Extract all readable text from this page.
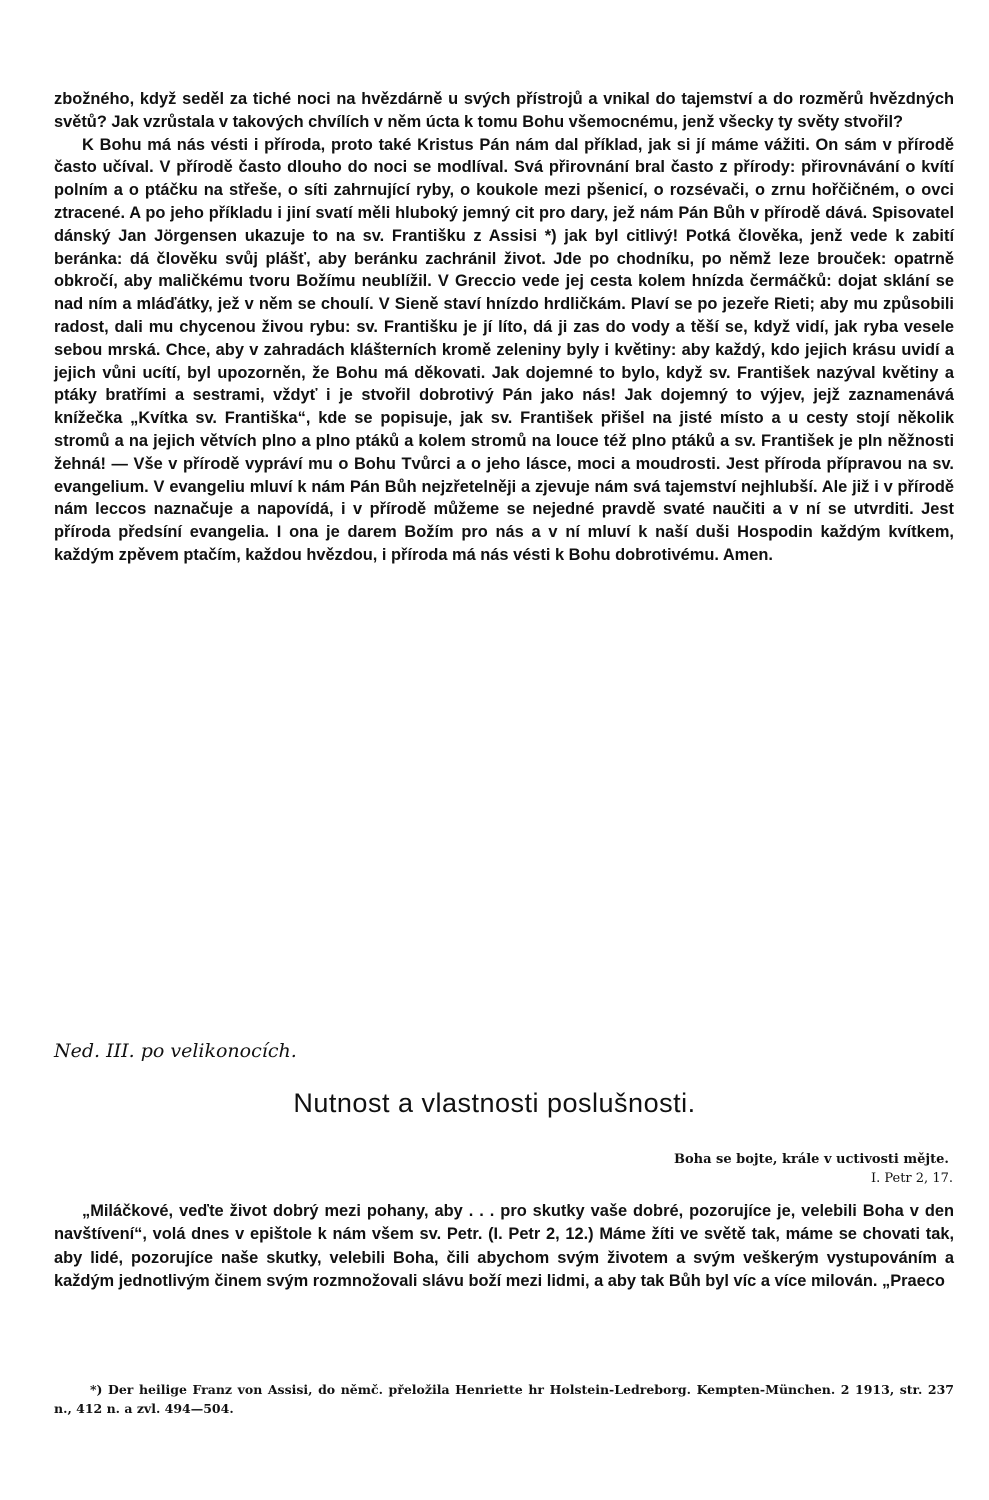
zbožného, když seděl za tiché noci na hvězdárně u svých přístrojů a vnikal do tajemství a do rozměrů hvězdných světů? Jak vzrůstala v takových chvílích v něm úcta k tomu Bohu všemocnému, jenž všecky ty světy stvořil?

K Bohu má nás vésti i příroda, proto také Kristus Pán nám dal příklad, jak si jí máme vážiti. On sám v přírodě často učíval. V přírodě často dlouho do noci se modlíval. Svá přirovnání bral často z přírody: přirovnávání o kvítí polním a o ptáčku na střeše, o síti zahrnující ryby, o koukole mezi pšenicí, o rozsévači, o zrnu hořčičném, o ovci ztracené. A po jeho příkladu i jiní svatí měli hluboký jemný cit pro dary, jež nám Pán Bůh v přírodě dává. Spisovatel dánský Jan Jörgensen ukazuje to na sv. Františku z Assisi *) jak byl citlivý! Potká člověka, jenž vede k zabití beránka: dá člověku svůj plášť, aby beránku zachránil život. Jde po chodníku, po němž leze brouček: opatrně obkročí, aby maličkému tvoru Božímu neublížil. V Greccio vede jej cesta kolem hnízda čermáčků: dojat sklání se nad ním a mláďátky, jež v něm se choulí. V Sieně staví hnízdo hrdličkám. Plaví se po jezeře Rieti; aby mu způsobili radost, dali mu chycenou živou rybu: sv. Františku je jí líto, dá ji zas do vody a těší se, když vidí, jak ryba vesele sebou mrská. Chce, aby v zahradách klášterních kromě zeleniny byly i květiny: aby každý, kdo jejich krásu uvidí a jejich vůni ucítí, byl upozorněn, že Bohu má děkovati. Jak dojemné to bylo, když sv. František nazýval květiny a ptáky bratřími a sestrami, vždyť i je stvořil dobrotivý Pán jako nás! Jak dojemný to výjev, jejž zaznamenává knížečka „Kvítka sv. Františka“, kde se popisuje, jak sv. František přišel na jisté místo a u cesty stojí několik stromů a na jejich větvích plno a plno ptáků a kolem stromů na louce též plno ptáků a sv. František je pln něžnosti žehná! — Vše v přírodě vypráví mu o Bohu Tvůrci a o jeho lásce, moci a moudrosti. Jest příroda přípravou na sv. evangelium. V evangeliu mluví k nám Pán Bůh nejzřetelněji a zjevuje nám svá tajemství nejhlubší. Ale již i v přírodě nám leccos naznačuje a napovídá, i v přírodě můžeme se nejedné pravdě svaté naučiti a v ní se utvrditi. Jest příroda předsíní evangelia. I ona je darem Božím pro nás a v ní mluví k naší duši Hospodin každým kvítkem, každým zpěvem ptačím, každou hvězdou, i příroda má nás vésti k Bohu dobrotivému. Amen.

Ned. III. po velikonocích.
Nutnost a vlastnosti poslušnosti.
Boha se bojte, krále v uctivosti mějte.
I. Petr 2, 17.

„Miláčkové, veďte život dobrý mezi pohany, aby . . . pro skutky vaše dobré, pozorujíce je, velebili Boha v den navštívení“, volá dnes v epištole k nám všem sv. Petr. (I. Petr 2, 12.) Máme žíti ve světě tak, máme se chovati tak, aby lidé, pozorujíce naše skutky, velebili Boha, čili abychom svým životem a svým veškerým vystupováním a každým jednotlivým činem svým rozmnožovali slávu boží mezi lidmi, a aby tak Bůh byl víc a více milován. „Praeco

*) Der heilige Franz von Assisi, do němč. přeložila Henriette hr Holstein-Ledreborg. Kempten-München. 2 1913, str. 237 n., 412 n. a zvl. 494—504.
